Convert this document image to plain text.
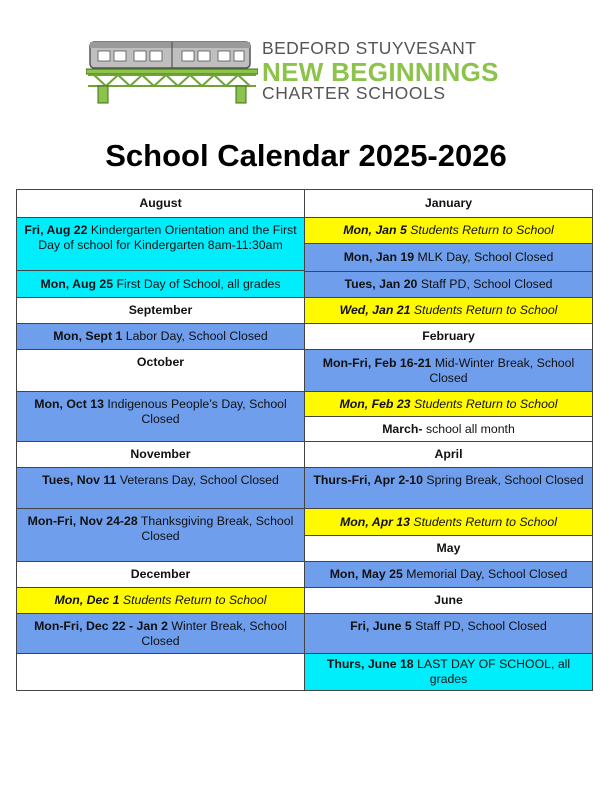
BEDFORD STUYVESANT
NEW BEGINNINGS
CHARTER SCHOOLS
School Calendar 2025-2026
August
Fri, Aug 22 Kindergarten Orientation and the First Day of school for Kindergarten 8am-11:30am
Mon, Aug 25 First Day of School, all grades
September
Mon, Sept 1 Labor Day, School Closed
October
Mon, Oct 13 Indigenous People’s Day, School Closed
November
Tues, Nov 11 Veterans Day, School Closed
Mon-Fri, Nov 24-28 Thanksgiving Break, School Closed
December
Mon, Dec 1 Students Return to School
Mon-Fri, Dec 22 - Jan 2 Winter Break, School Closed
January
Mon, Jan 5 Students Return to School
Mon, Jan 19 MLK Day, School Closed
Tues, Jan 20 Staff PD, School Closed
Wed, Jan 21 Students Return to School
February
Mon-Fri, Feb 16-21 Mid-Winter Break, School Closed
Mon, Feb 23 Students Return to School
March- school all month
April
Thurs-Fri, Apr 2-10 Spring Break, School Closed
Mon, Apr 13 Students Return to School
May
Mon, May 25 Memorial Day, School Closed
June
Fri, June 5 Staff PD, School Closed
Thurs, June 18 LAST DAY OF SCHOOL, all grades
